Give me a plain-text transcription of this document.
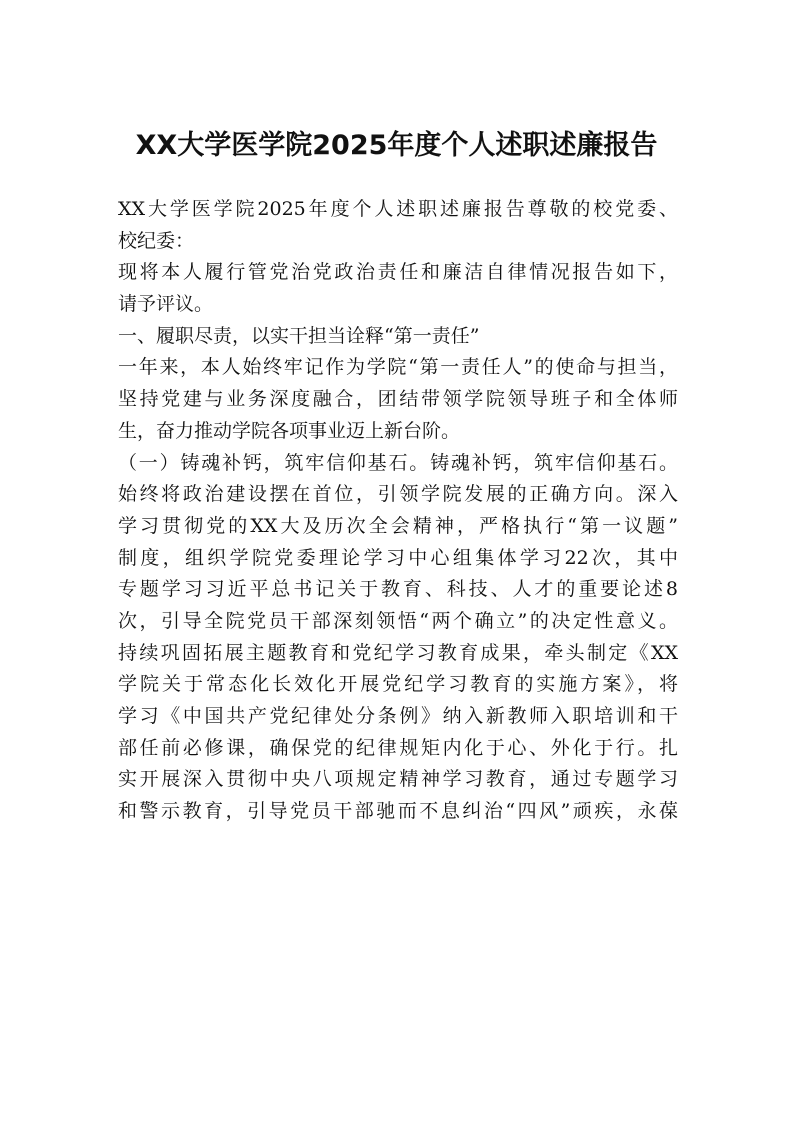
XX大学医学院2025年度个人述职述廉报告
XX大学医学院2025年度个人述职述廉报告尊敬的校党委、
校纪委：
现将本人履行管党治党政治责任和廉洁自律情况报告如下，
请予评议。
一、履职尽责，以实干担当诠释“第一责任”
一年来，本人始终牢记作为学院“第一责任人”的使命与担当，
坚持党建与业务深度融合，团结带领学院领导班子和全体师
生，奋力推动学院各项事业迈上新台阶。
（一）铸魂补钙，筑牢信仰基石。铸魂补钙，筑牢信仰基石。
始终将政治建设摆在首位，引领学院发展的正确方向。深入
学习贯彻党的XX大及历次全会精神，严格执行“第一议题”
制度，组织学院党委理论学习中心组集体学习22次，其中
专题学习习近平总书记关于教育、科技、人才的重要论述8
次，引导全院党员干部深刻领悟“两个确立”的决定性意义。
持续巩固拓展主题教育和党纪学习教育成果，牵头制定《XX
学院关于常态化长效化开展党纪学习教育的实施方案》，将
学习《中国共产党纪律处分条例》纳入新教师入职培训和干
部任前必修课，确保党的纪律规矩内化于心、外化于行。扎
实开展深入贯彻中央八项规定精神学习教育，通过专题学习
和警示教育，引导党员干部驰而不息纠治“四风”顽疾，永葆
